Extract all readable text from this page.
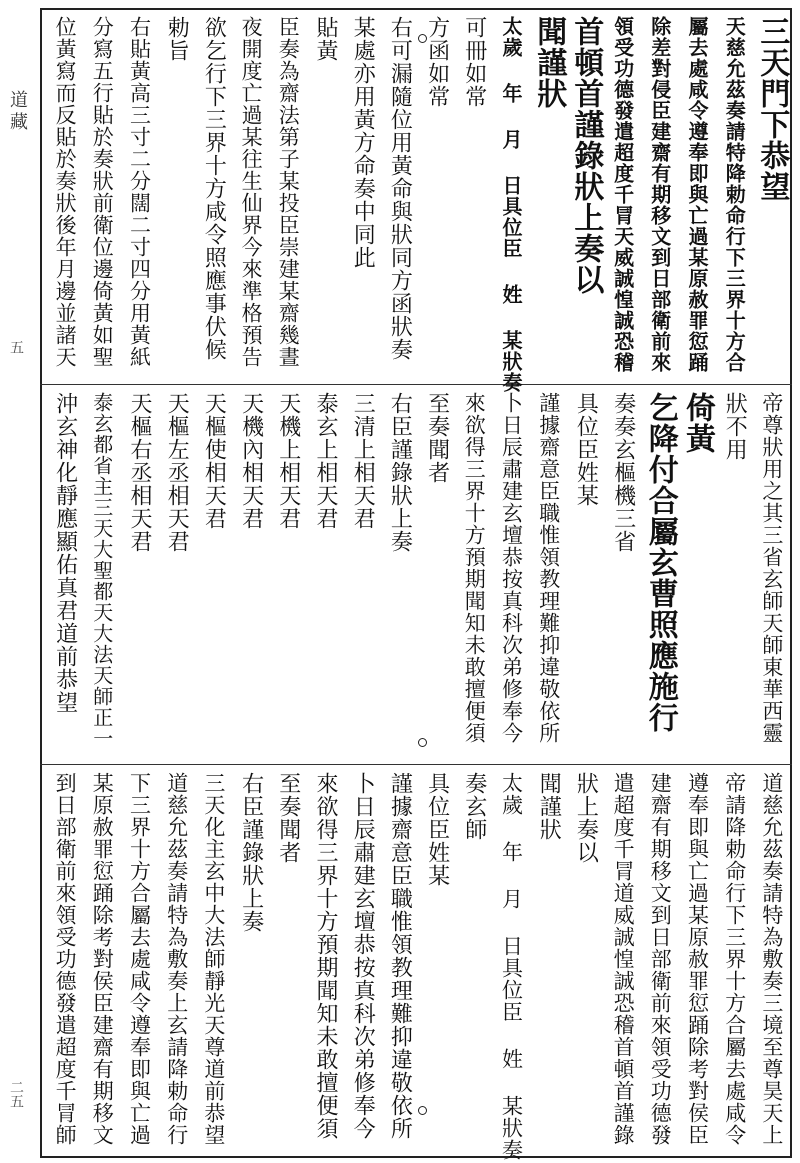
道藏
五
二五
三天門下恭望
天慈允茲奏請特降勅命行下三界十方合
屬去處咸令遵奉即與亡過某原赦罪愆踊
除差對侵臣建齋有期移文到日部衛前來
領受功德發遣超度千冐天威誠惶誠恐稽
首頓首謹錄狀上奏以
聞謹狀
太歲 年 月 日具位臣 姓 某狀奏
可冊如常
方函如常
右可漏隨位用黃命與狀同方函狀奏
某處亦用黃方命奏中同此
貼黃
臣奏為齋法第子某投臣崇建某齋幾晝
夜開度亡過某往生仙界今來準格預告
欲乞行下三界十方咸令照應事伏候
勅旨
右貼黃高三寸二分闊二寸四分用黃紙
分寫五行貼於奏狀前衛位邊倚黃如聖
位黃寫而反貼於奏狀後年月邊並諸天
帝尊狀用之其三省玄師天師東華西靈
狀不用
倚黃
乞降付合屬玄曹照應施行
奏奏玄樞機三省
具位臣姓某
謹據齋意臣職惟領教理難抑違敬依所
卜日辰肅建玄壇恭按真科次弟修奉今
來欲得三界十方預期聞知未敢擅便須
至奏聞者
右臣謹錄狀上奏
三清上相天君
泰玄上相天君
天機上相天君
天機內相天君
天樞使相天君
天樞左丞相天君
天樞右丞相天君
泰玄都省主三天大聖都天大法天師正一
沖玄神化靜應顯佑真君道前恭望
道慈允茲奏請特為敷奏三境至尊昊天上
帝請降勅命行下三界十方合屬去處咸令
遵奉即與亡過某原赦罪愆踊除考對侯臣
建齋有期移文到日部衛前來領受功德發
遣超度千冐道威誠惶誠恐稽首頓首謹錄
狀上奏以
聞謹狀
太歲 年 月 日具位臣 姓 某狀奏
奏玄師
具位臣姓某
謹據齋意臣職惟領教理難抑違敬依所
卜日辰肅建玄壇恭按真科次弟修奉今
來欲得三界十方預期聞知未敢擅便須
至奏聞者
右臣謹錄狀上奏
三天化主玄中大法師靜光天尊道前恭望
道慈允茲奏請特為敷奏上玄請降勅命行
下三界十方合屬去處咸令遵奉即與亡過
某原赦罪愆踊除考對侯臣建齋有期移文
到日部衛前來領受功德發遣超度千冐師
